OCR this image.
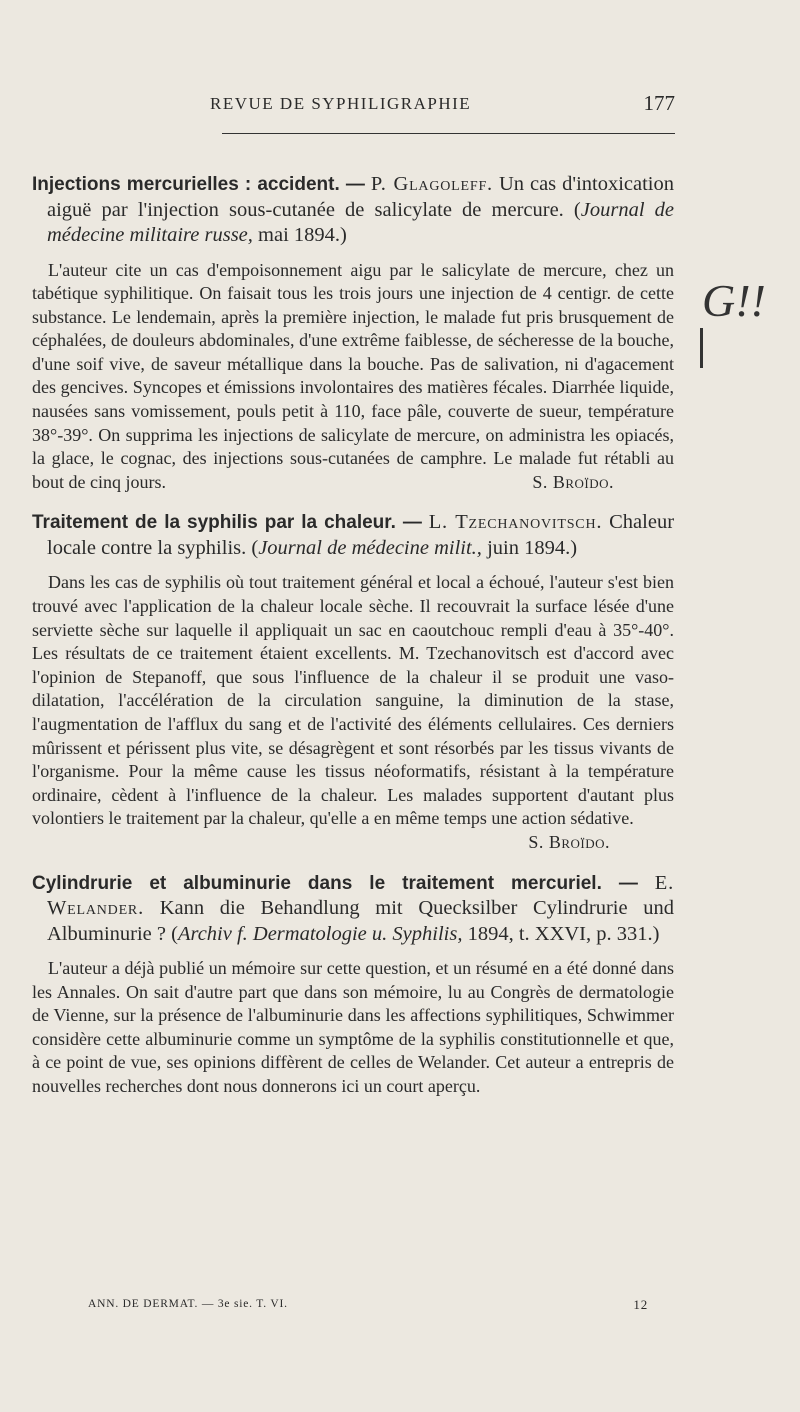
REVUE DE SYPHILIGRAPHIE	177

Injections mercurielles : accident. — P. Glagoleff. Un cas d'intoxication aiguë par l'injection sous-cutanée de salicylate de mercure. (Journal de médecine militaire russe, mai 1894.)

L'auteur cite un cas d'empoisonnement aigu par le salicylate de mercure, chez un tabétique syphilitique. On faisait tous les trois jours une injection de 4 centigr. de cette substance. Le lendemain, après la première injection, le malade fut pris brusquement de céphalées, de douleurs abdominales, d'une extrême faiblesse, de sécheresse de la bouche, d'une soif vive, de saveur métallique dans la bouche. Pas de salivation, ni d'agacement des gencives. Syncopes et émissions involontaires des matières fécales. Diarrhée liquide, nausées sans vomissement, pouls petit à 110, face pâle, couverte de sueur, température 38°-39°. On supprima les injections de salicylate de mercure, on administra les opiacés, la glace, le cognac, des injections sous-cutanées de camphre. Le malade fut rétabli au bout de cinq jours.	S. Broïdo.

Traitement de la syphilis par la chaleur. — L. Tzechanovitsch. Chaleur locale contre la syphilis. (Journal de médecine milit., juin 1894.)

Dans les cas de syphilis où tout traitement général et local a échoué, l'auteur s'est bien trouvé avec l'application de la chaleur locale sèche. Il recouvrait la surface lésée d'une serviette sèche sur laquelle il appliquait un sac en caoutchouc rempli d'eau à 35°-40°. Les résultats de ce traitement étaient excellents. M. Tzechanovitsch est d'accord avec l'opinion de Stepanoff, que sous l'influence de la chaleur il se produit une vaso-dilatation, l'accélération de la circulation sanguine, la diminution de la stase, l'augmentation de l'afflux du sang et de l'activité des éléments cellulaires. Ces derniers mûrissent et périssent plus vite, se désagrègent et sont résorbés par les tissus vivants de l'organisme. Pour la même cause les tissus néoformatifs, résistant à la température ordinaire, cèdent à l'influence de la chaleur. Les malades supportent d'autant plus volontiers le traitement par la chaleur, qu'elle a en même temps une action sédative.

S. Broïdo.

Cylindrurie et albuminurie dans le traitement mercuriel. — E. Welander. Kann die Behandlung mit Quecksilber Cylindrurie und Albuminurie ? (Archiv f. Dermatologie u. Syphilis, 1894, t. XXVI, p. 331.)

L'auteur a déjà publié un mémoire sur cette question, et un résumé en a été donné dans les Annales. On sait d'autre part que dans son mémoire, lu au Congrès de dermatologie de Vienne, sur la présence de l'albuminurie dans les affections syphilitiques, Schwimmer considère cette albuminurie comme un symptôme de la syphilis constitutionnelle et que, à ce point de vue, ses opinions diffèrent de celles de Welander. Cet auteur a entrepris de nouvelles recherches dont nous donnerons ici un court aperçu.

G!!
ANN. DE DERMAT. — 3e sie. T. VI.	12
